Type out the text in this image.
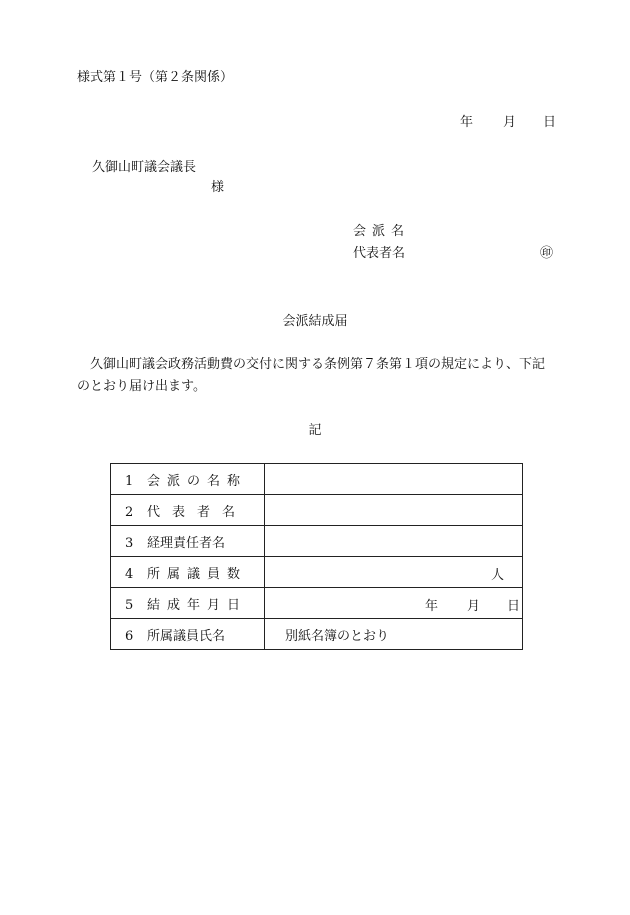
様式第１号（第２条関係）
年 月 日
久御山町議会議長
様
会派名
代表者名	㊞
会派結成届
久御山町議会政務活動費の交付に関する条例第７条第１項の規定により、下記のとおり届け出ます。
記
1 会派の名称	
2 代表者名	
3 経理責任者名	
4 所属議員数	人

5 結成年月日	年 月 日

6 所属議員氏名	別紙名簿のとおり
